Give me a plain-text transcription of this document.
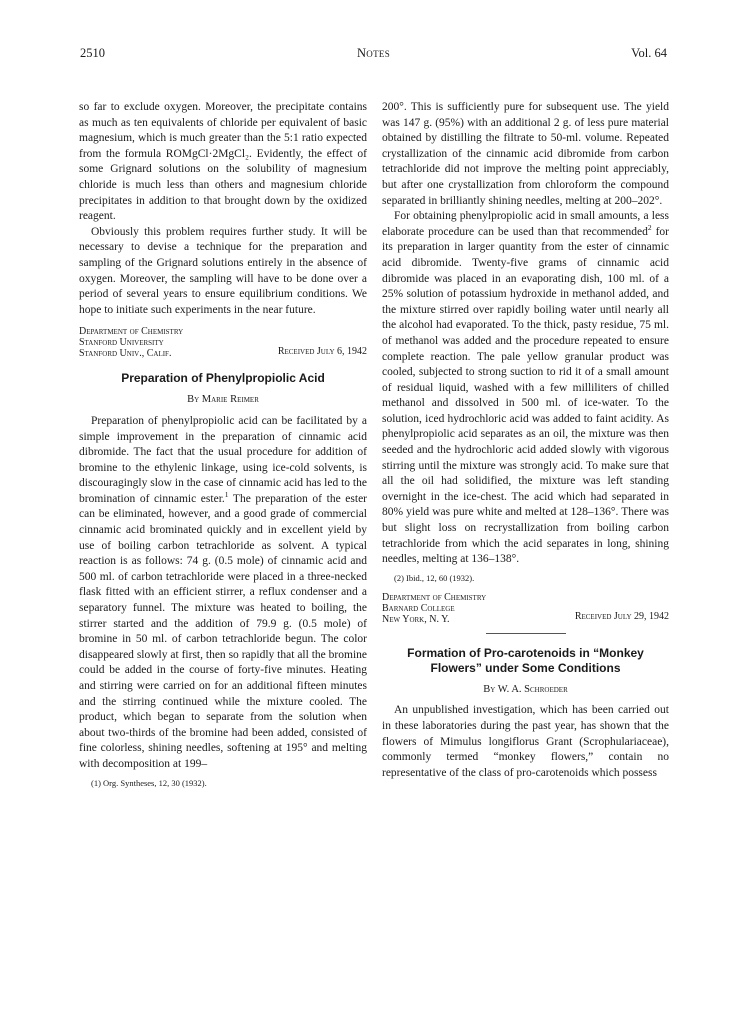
2510	Notes	Vol. 64

so far to exclude oxygen. Moreover, the precipitate contains as much as ten equivalents of chloride per equivalent of basic magnesium, which is much greater than the 5:1 ratio expected from the formula ROMgCl·2MgCl₂. Evidently, the effect of some Grignard solutions on the solubility of magnesium chloride is much less than others and magnesium chloride precipitates in addition to that brought down by the oxidized reagent.

Obviously this problem requires further study. It will be necessary to devise a technique for the preparation and sampling of the Grignard solutions entirely in the absence of oxygen. Moreover, the sampling will have to be done over a period of several years to ensure equilibrium conditions. We hope to initiate such experiments in the near future.

Department of Chemistry
Stanford University
Stanford Univ., Calif.	Received July 6, 1942
Preparation of Phenylpropiolic Acid
By Marie Reimer

Preparation of phenylpropiolic acid can be facilitated by a simple improvement in the preparation of cinnamic acid dibromide. The fact that the usual procedure for addition of bromine to the ethylenic linkage, using ice-cold solvents, is discouragingly slow in the case of cinnamic acid has led to the bromination of cinnamic ester.$^1$ The preparation of the ester can be eliminated, however, and a good grade of commercial cinnamic acid brominated quickly and in excellent yield by use of boiling carbon tetrachloride as solvent. A typical reaction is as follows: 74 g. (0.5 mole) of cinnamic acid and 500 ml. of carbon tetrachloride were placed in a three-necked flask fitted with an efficient stirrer, a reflux condenser and a separatory funnel. The mixture was heated to boiling, the stirrer started and the addition of 79.9 g. (0.5 mole) of bromine in 50 ml. of carbon tetrachloride begun. The color disappeared slowly at first, then so rapidly that all the bromine could be added in the course of forty-five minutes. Heating and stirring were carried on for an additional fifteen minutes and the stirring continued while the mixture cooled. The product, which began to separate from the solution when about two-thirds of the bromine had been added, consisted of fine colorless, shining needles, softening at 195° and melting with decomposition at 199–

(1) Org. Syntheses, 12, 30 (1932).

200°. This is sufficiently pure for subsequent use. The yield was 147 g. (95%) with an additional 2 g. of less pure material obtained by distilling the filtrate to 50-ml. volume. Repeated crystallization of the cinnamic acid dibromide from carbon tetrachloride did not improve the melting point appreciably, but after one crystallization from chloroform the compound separated in brilliantly shining needles, melting at 200–202°.

For obtaining phenylpropiolic acid in small amounts, a less elaborate procedure can be used than that recommended$^2$ for its preparation in larger quantity from the ester of cinnamic acid dibromide. Twenty-five grams of cinnamic acid dibromide was placed in an evaporating dish, 100 ml. of a 25% solution of potassium hydroxide in methanol added, and the mixture stirred over rapidly boiling water until nearly all the alcohol had evaporated. To the thick, pasty residue, 75 ml. of methanol was added and the procedure repeated to ensure complete reaction. The pale yellow granular product was cooled, subjected to strong suction to rid it of a small amount of residual liquid, washed with a few milliliters of chilled methanol and dissolved in 500 ml. of ice-water. To the solution, iced hydrochloric acid was added to faint acidity. As phenylpropiolic acid separates as an oil, the mixture was then seeded and the hydrochloric acid added slowly with vigorous stirring until the mixture was strongly acid. To make sure that all the oil had solidified, the mixture was left standing overnight in the ice-chest. The acid which had separated in 80% yield was pure white and melted at 128–136°. There was but slight loss on recrystallization from boiling carbon tetrachloride from which the acid separates in long, shining needles, melting at 136–138°.

(2) Ibid., 12, 60 (1932).
Department of Chemistry
Barnard College
New York, N. Y.	Received July 29, 1942
Formation of Pro-carotenoids in “Monkey Flowers” under Some Conditions
By W. A. Schroeder

An unpublished investigation, which has been carried out in these laboratories during the past year, has shown that the flowers of Mimulus longiflorus Grant (Scrophulariaceae), commonly termed “monkey flowers,” contain no representative of the class of pro-carotenoids which possess
